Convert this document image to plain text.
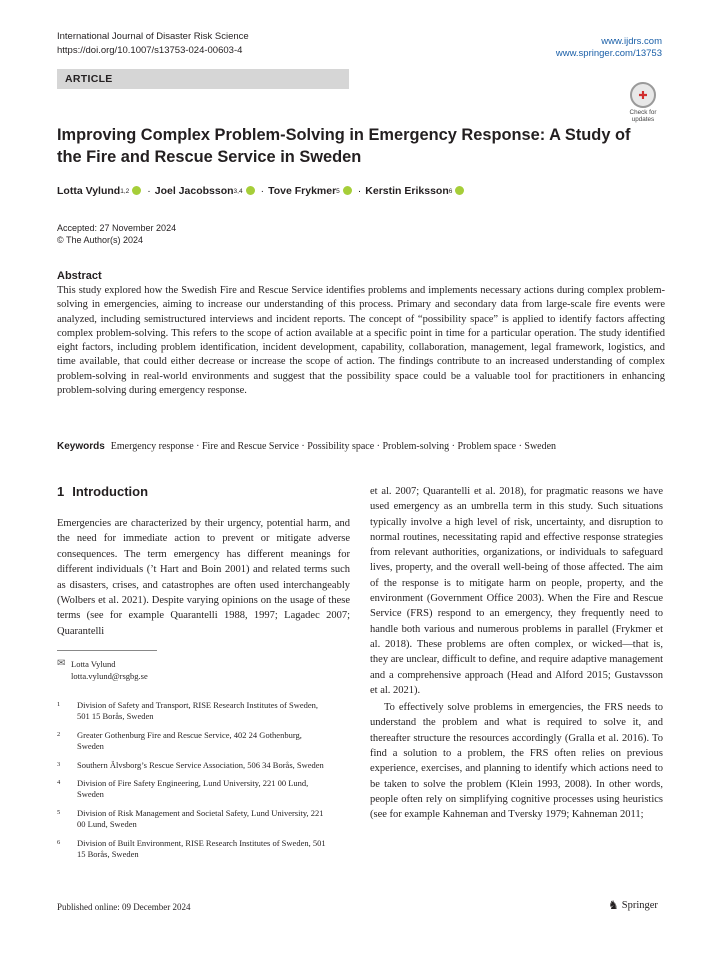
International Journal of Disaster Risk Science
https://doi.org/10.1007/s13753-024-00603-4
www.ijdrs.com
www.springer.com/13753
ARTICLE
✚
Check for updates
Improving Complex Problem-Solving in Emergency Response: A Study of the Fire and Rescue Service in Sweden
Lotta Vylund 1,2 · Joel Jacobsson 3,4 · Tove Frykmer 5 · Kerstin Eriksson 6
Accepted: 27 November 2024
© The Author(s) 2024
Abstract
This study explored how the Swedish Fire and Rescue Service identifies problems and implements necessary actions during complex problem-solving in emergencies, aiming to increase our understanding of this process. Primary and secondary data from large-scale fire events were analyzed, including semistructured interviews and incident reports. The concept of “possibility space” is applied to identify factors affecting complex problem-solving. This refers to the scope of action available at a specific point in time for a particular operation. The study identified eight factors, including problem identification, incident development, capability, collaboration, management, legal framework, logistics, and time available, that could either decrease or increase the scope of action. The findings contribute to an increased understanding of complex problem-solving in real-world environments and suggest that the possibility space could be a valuable tool for practitioners in enhancing problem-solving during emergency response.
Keywords Emergency response · Fire and Rescue Service · Possibility space · Problem-solving · Problem space · Sweden
1 Introduction
Emergencies are characterized by their urgency, potential harm, and the need for immediate action to prevent or mitigate adverse consequences. The term emergency has different meanings for different individuals (’t Hart and Boin 2001) and related terms such as disasters, crises, and catastrophes are often used interchangeably (Wolbers et al. 2021). Despite varying opinions on the usage of these terms (see for example Quarantelli 1988, 1997; Lagadec 2007; Quarantelli
✉ Lotta Vylund
lotta.vylund@rsgbg.se
1	Division of Safety and Transport, RISE Research Institutes of Sweden, 501 15 Borås, Sweden
2	Greater Gothenburg Fire and Rescue Service, 402 24 Gothenburg, Sweden
3	Southern Älvsborg’s Rescue Service Association, 506 34 Borås, Sweden
4	Division of Fire Safety Engineering, Lund University, 221 00 Lund, Sweden
5	Division of Risk Management and Societal Safety, Lund University, 221 00 Lund, Sweden
6	Division of Built Environment, RISE Research Institutes of Sweden, 501 15 Borås, Sweden

et al. 2007; Quarantelli et al. 2018), for pragmatic reasons we have used emergency as an umbrella term in this study. Such situations typically involve a high level of risk, uncertainty, and disruption to normal routines, necessitating rapid and effective response strategies from relevant authorities, organizations, or individuals to safeguard lives, property, and the overall well-being of those affected. The aim of the response is to mitigate harm on people, property, and the environment (Government Office 2003). When the Fire and Rescue Service (FRS) respond to an emergency, they frequently need to handle both various and numerous problems in parallel (Frykmer et al. 2018). These problems are often complex, or wicked—that is, they are unclear, difficult to define, and require adaptive management and a comprehensive approach (Head and Alford 2015; Gustavsson et al. 2021).

To effectively solve problems in emergencies, the FRS needs to understand the problem and what is required to solve it, and thereafter structure the resources accordingly (Gralla et al. 2016). To find a solution to a problem, the FRS often relies on previous experience, exercises, and planning to identify which actions need to be taken to solve the problem (Klein 1993, 2008). In other words, people often rely on simplifying cognitive processes using heuristics (see for example Kahneman and Tversky 1979; Kahneman 2011;

Published online: 09 December 2024	♞ Springer
